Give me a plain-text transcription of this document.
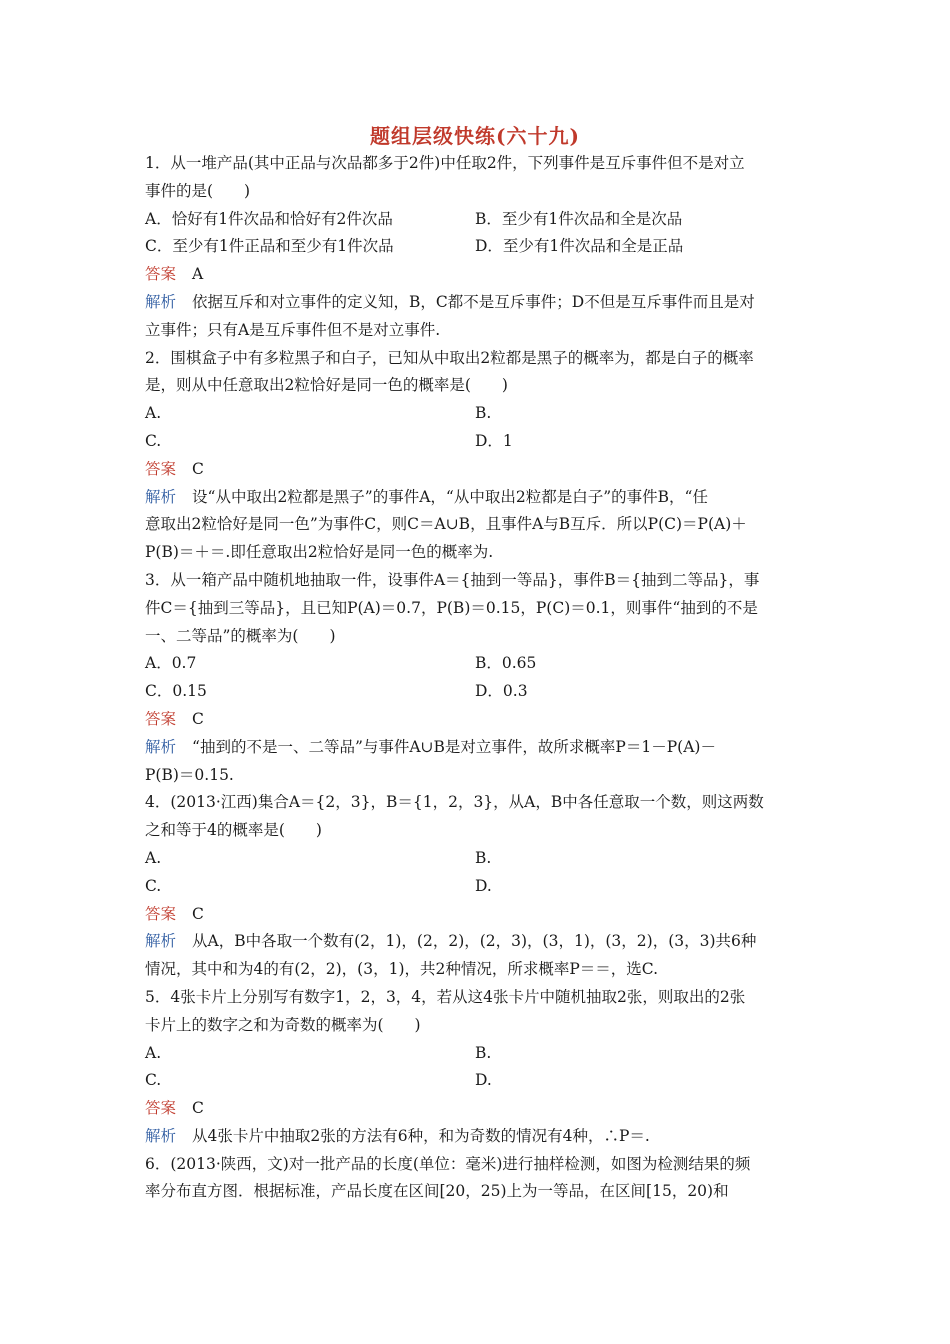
题组层级快练(六十九)
1．从一堆产品(其中正品与次品都多于2件)中任取2件，下列事件是互斥事件但不是对立
事件的是(　　)
A．恰好有1件次品和恰好有2件次品	B．至少有1件次品和全是次品
C．至少有1件正品和至少有1件次品	D．至少有1件次品和全是正品
答案 A
解析 依据互斥和对立事件的定义知，B，C都不是互斥事件；D不但是互斥事件而且是对
立事件；只有A是互斥事件但不是对立事件.
2．围棋盒子中有多粒黑子和白子，已知从中取出2粒都是黑子的概率为，都是白子的概率
是，则从中任意取出2粒恰好是同一色的概率是(　　)
A.	B.
C.	D．1
答案 C
解析 设“从中取出2粒都是黑子”的事件A，“从中取出2粒都是白子”的事件B，“任
意取出2粒恰好是同一色”为事件C，则C＝A∪B，且事件A与B互斥．所以P(C)＝P(A)＋
P(B)＝＋＝.即任意取出2粒恰好是同一色的概率为.
3．从一箱产品中随机地抽取一件，设事件A＝{抽到一等品}，事件B＝{抽到二等品}，事
件C＝{抽到三等品}，且已知P(A)＝0.7，P(B)＝0.15，P(C)＝0.1，则事件“抽到的不是
一、二等品”的概率为(　　)
A．0.7	B．0.65
C．0.15	D．0.3
答案 C
解析 “抽到的不是一、二等品”与事件A∪B是对立事件，故所求概率P＝1－P(A)－
P(B)＝0.15.
4．(2013·江西)集合A＝{2，3}，B＝{1，2，3}，从A，B中各任意取一个数，则这两数
之和等于4的概率是(　　)
A.	B.
C.	D.
答案 C
解析 从A，B中各取一个数有(2，1)，(2，2)，(2，3)，(3，1)，(3，2)，(3，3)共6种
情况，其中和为4的有(2，2)，(3，1)，共2种情况，所求概率P＝＝，选C.
5．4张卡片上分别写有数字1，2，3，4，若从这4张卡片中随机抽取2张，则取出的2张
卡片上的数字之和为奇数的概率为(　　)
A.	B.
C.	D.
答案 C
解析 从4张卡片中抽取2张的方法有6种，和为奇数的情况有4种，∴P＝.
6．(2013·陕西，文)对一批产品的长度(单位：毫米)进行抽样检测，如图为检测结果的频
率分布直方图．根据标准，产品长度在区间[20，25)上为一等品，在区间[15，20)和
